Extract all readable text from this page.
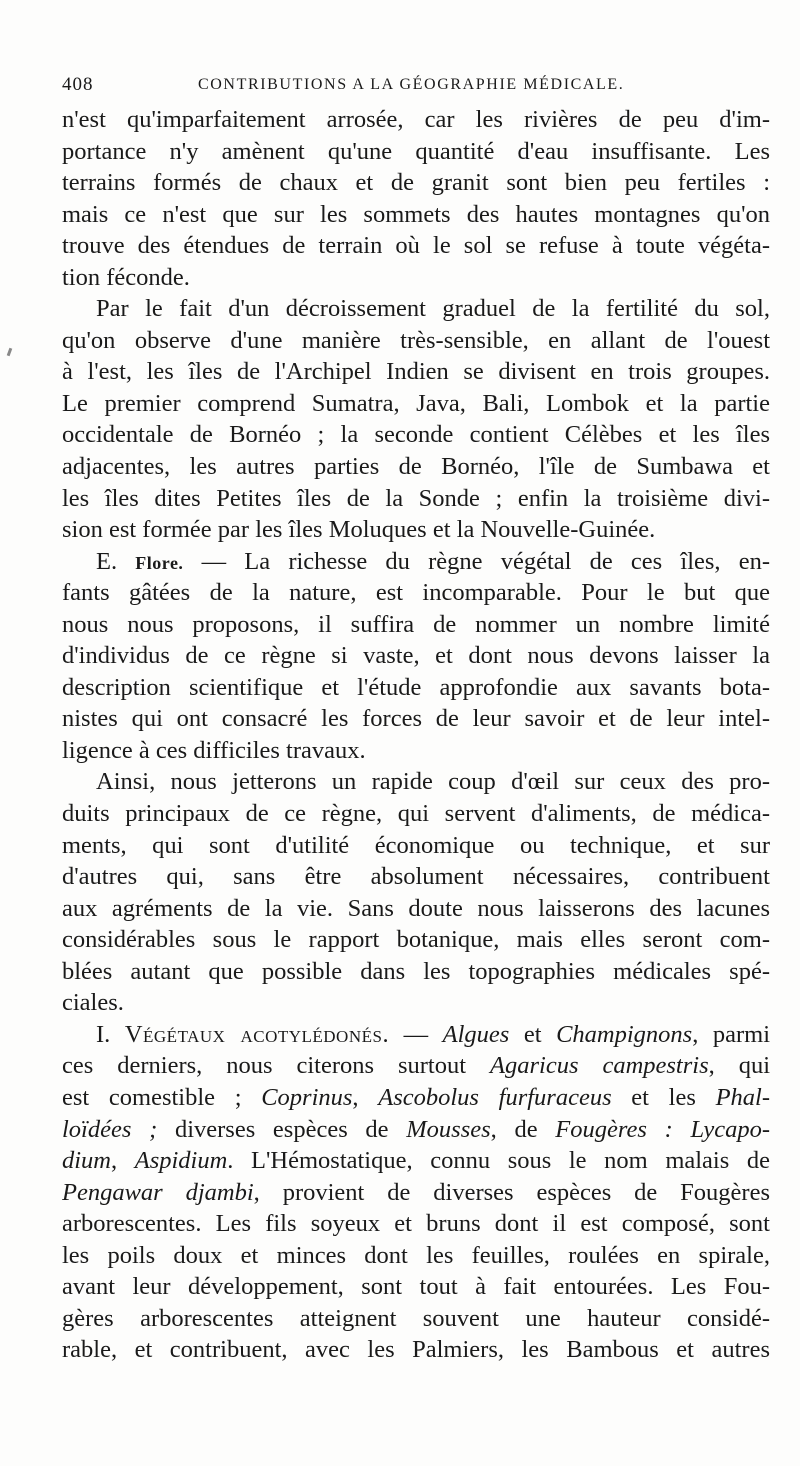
408	CONTRIBUTIONS A LA GÉOGRAPHIE MÉDICALE.
n'est qu'imparfaitement arrosée, car les rivières de peu d'im-
portance n'y amènent qu'une quantité d'eau insuffisante. Les
terrains formés de chaux et de granit sont bien peu fertiles :
mais ce n'est que sur les sommets des hautes montagnes qu'on
trouve des étendues de terrain où le sol se refuse à toute végéta-
tion féconde.
Par le fait d'un décroissement graduel de la fertilité du sol,
qu'on observe d'une manière très-sensible, en allant de l'ouest
à l'est, les îles de l'Archipel Indien se divisent en trois groupes.
Le premier comprend Sumatra, Java, Bali, Lombok et la partie
occidentale de Bornéo ; la seconde contient Célèbes et les îles
adjacentes, les autres parties de Bornéo, l'île de Sumbawa et
les îles dites Petites îles de la Sonde ; enfin la troisième divi-
sion est formée par les îles Moluques et la Nouvelle-Guinée.
E. Flore. — La richesse du règne végétal de ces îles, en-
fants gâtées de la nature, est incomparable. Pour le but que
nous nous proposons, il suffira de nommer un nombre limité
d'individus de ce règne si vaste, et dont nous devons laisser la
description scientifique et l'étude approfondie aux savants bota-
nistes qui ont consacré les forces de leur savoir et de leur intel-
ligence à ces difficiles travaux.
Ainsi, nous jetterons un rapide coup d'œil sur ceux des pro-
duits principaux de ce règne, qui servent d'aliments, de médica-
ments, qui sont d'utilité économique ou technique, et sur
d'autres qui, sans être absolument nécessaires, contribuent
aux agréments de la vie. Sans doute nous laisserons des lacunes
considérables sous le rapport botanique, mais elles seront com-
blées autant que possible dans les topographies médicales spé-
ciales.
I. Végétaux acotylédonés. — Algues et Champignons, parmi
ces derniers, nous citerons surtout Agaricus campestris, qui
est comestible ; Coprinus, Ascobolus furfuraceus et les Phal-
loïdées ; diverses espèces de Mousses, de Fougères : Lycapo-
dium, Aspidium. L'Hémostatique, connu sous le nom malais de
Pengawar djambi, provient de diverses espèces de Fougères
arborescentes. Les fils soyeux et bruns dont il est composé, sont
les poils doux et minces dont les feuilles, roulées en spirale,
avant leur développement, sont tout à fait entourées. Les Fou-
gères arborescentes atteignent souvent une hauteur considé-
rable, et contribuent, avec les Palmiers, les Bambous et autres
